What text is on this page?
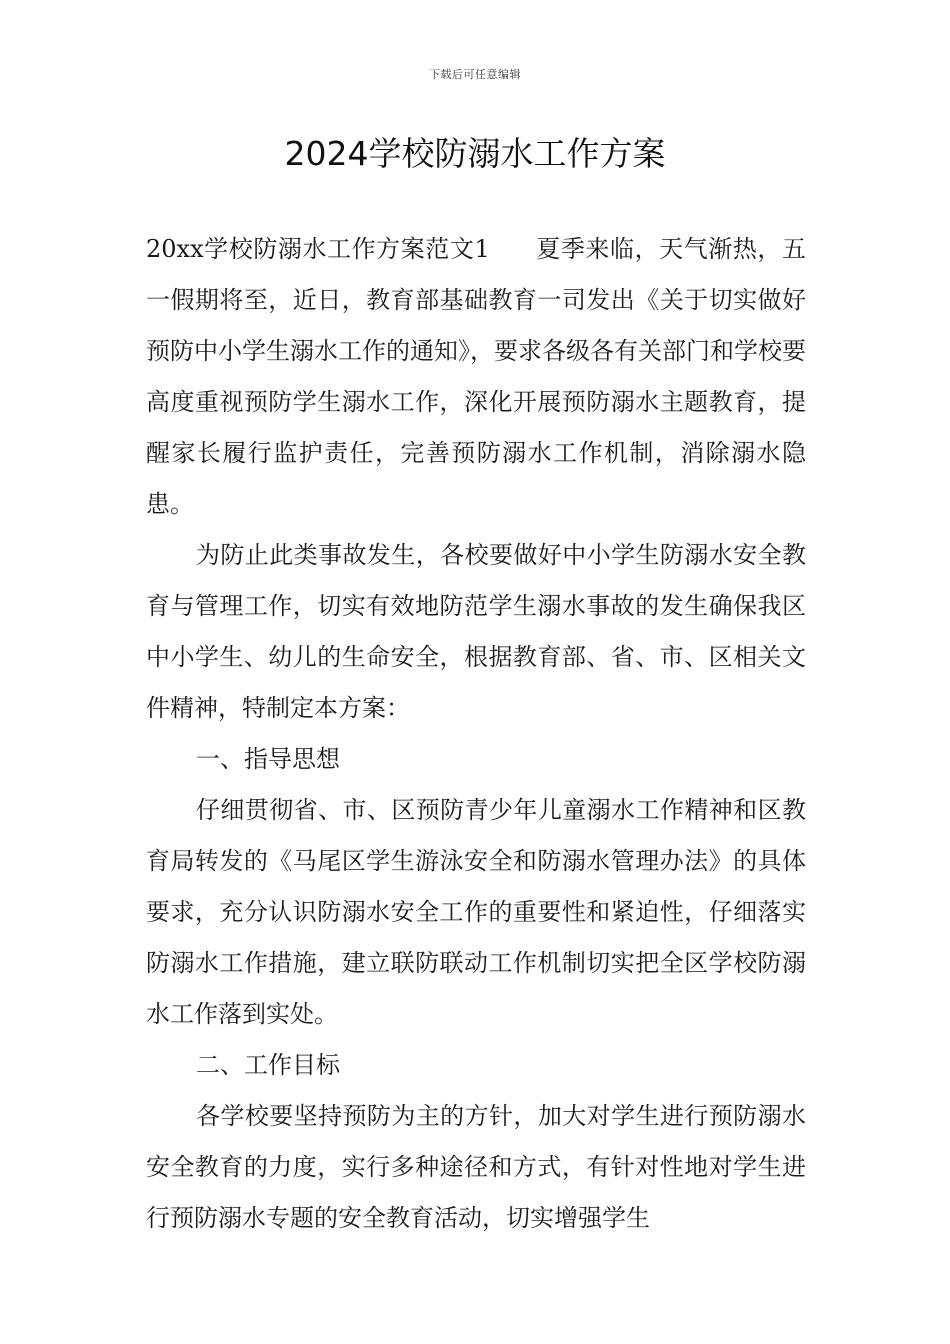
下载后可任意编辑
2024学校防溺水工作方案

20xx学校防溺水工作方案范文1 夏季来临，天气渐热，五一假期将至，近日，教育部基础教育一司发出《关于切实做好预防中小学生溺水工作的通知》，要求各级各有关部门和学校要高度重视预防学生溺水工作，深化开展预防溺水主题教育，提醒家长履行监护责任，完善预防溺水工作机制，消除溺水隐患。

为防止此类事故发生，各校要做好中小学生防溺水安全教育与管理工作，切实有效地防范学生溺水事故的发生确保我区中小学生、幼儿的生命安全，根据教育部、省、市、区相关文件精神，特制定本方案：

一、指导思想

仔细贯彻省、市、区预防青少年儿童溺水工作精神和区教育局转发的《马尾区学生游泳安全和防溺水管理办法》的具体要求，充分认识防溺水安全工作的重要性和紧迫性，仔细落实防溺水工作措施，建立联防联动工作机制切实把全区学校防溺水工作落到实处。

二、工作目标

各学校要坚持预防为主的方针，加大对学生进行预防溺水安全教育的力度，实行多种途径和方式，有针对性地对学生进行预防溺水专题的安全教育活动，切实增强学生
